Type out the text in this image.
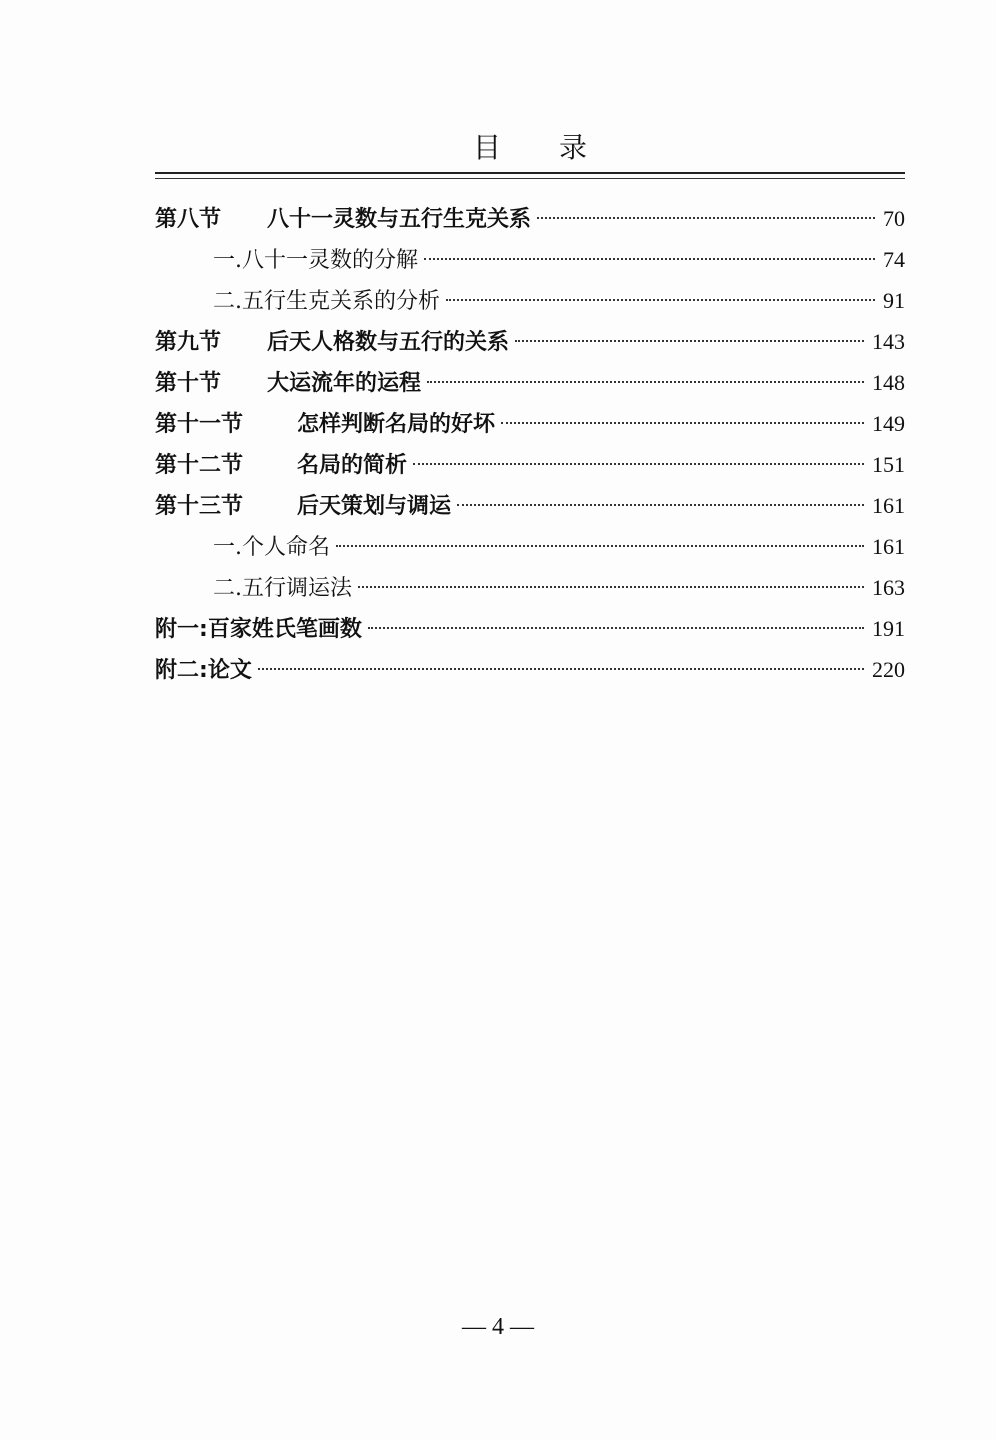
目录
第八节	八十一灵数与五行生克关系	70
一. 八十一灵数的分解	74
二. 五行生克关系的分析	91
第九节	后天人格数与五行的关系	143
第十节	大运流年的运程	148
第十一节	怎样判断名局的好坏	149
第十二节	名局的简析	151
第十三节	后天策划与调运	161
一. 个人命名	161
二. 五行调运法	163
附一: 百家姓氏笔画数	191
附二: 论文	220
— 4 —
